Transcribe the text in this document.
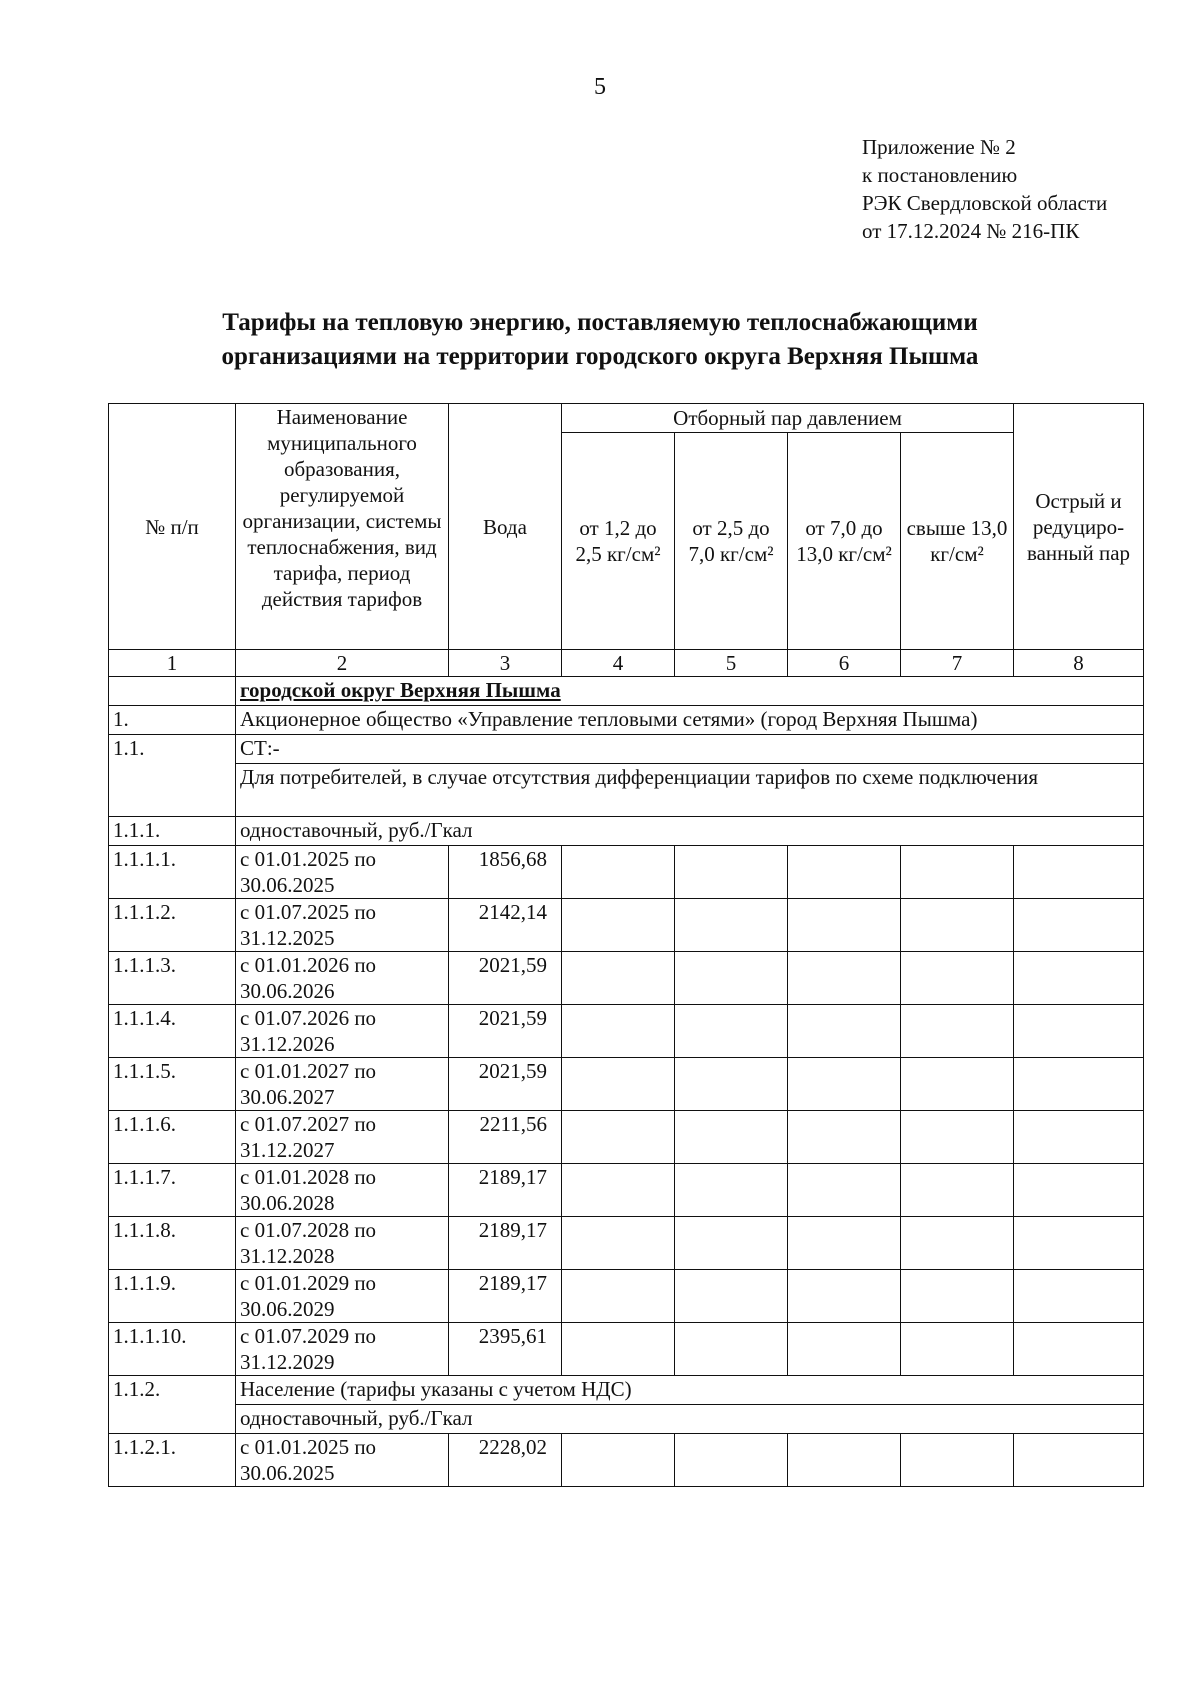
5
Приложение № 2
к постановлению
РЭК Свердловской области
от 17.12.2024 № 216-ПК
Тарифы на тепловую энергию, поставляемую теплоснабжающими
организациями на территории городского округа Верхняя Пышма
№ п/п	Наименование муниципального образования, регулируемой организации, системы теплоснабжения, вид тарифа, период действия тарифов	Вода	Отборный пар давлением				Острый и редуциро-ванный пар
			от 1,2 до 2,5 кг/см²	от 2,5 до 7,0 кг/см²	от 7,0 до 13,0 кг/см²	свыше 13,0 кг/см²	
1	2	3	4	5	6	7	8
	городской округ Верхняя Пышма						
1.	Акционерное общество «Управление тепловыми сетями» (город Верхняя Пышма)						
1.1.	СТ:-						
	Для потребителей, в случае отсутствия дифференциации тарифов по схеме подключения						
1.1.1.	одноставочный, руб./Гкал						
1.1.1.1.	с 01.01.2025 по 30.06.2025	1856,68					
1.1.1.2.	с 01.07.2025 по 31.12.2025	2142,14					
1.1.1.3.	с 01.01.2026 по 30.06.2026	2021,59					
1.1.1.4.	с 01.07.2026 по 31.12.2026	2021,59					
1.1.1.5.	с 01.01.2027 по 30.06.2027	2021,59					
1.1.1.6.	с 01.07.2027 по 31.12.2027	2211,56					
1.1.1.7.	с 01.01.2028 по 30.06.2028	2189,17					
1.1.1.8.	с 01.07.2028 по 31.12.2028	2189,17					
1.1.1.9.	с 01.01.2029 по 30.06.2029	2189,17					
1.1.1.10.	с 01.07.2029 по 31.12.2029	2395,61					
1.1.2.	Население (тарифы указаны с учетом НДС)						
	одноставочный, руб./Гкал						
1.1.2.1.	с 01.01.2025 по 30.06.2025	2228,02					
